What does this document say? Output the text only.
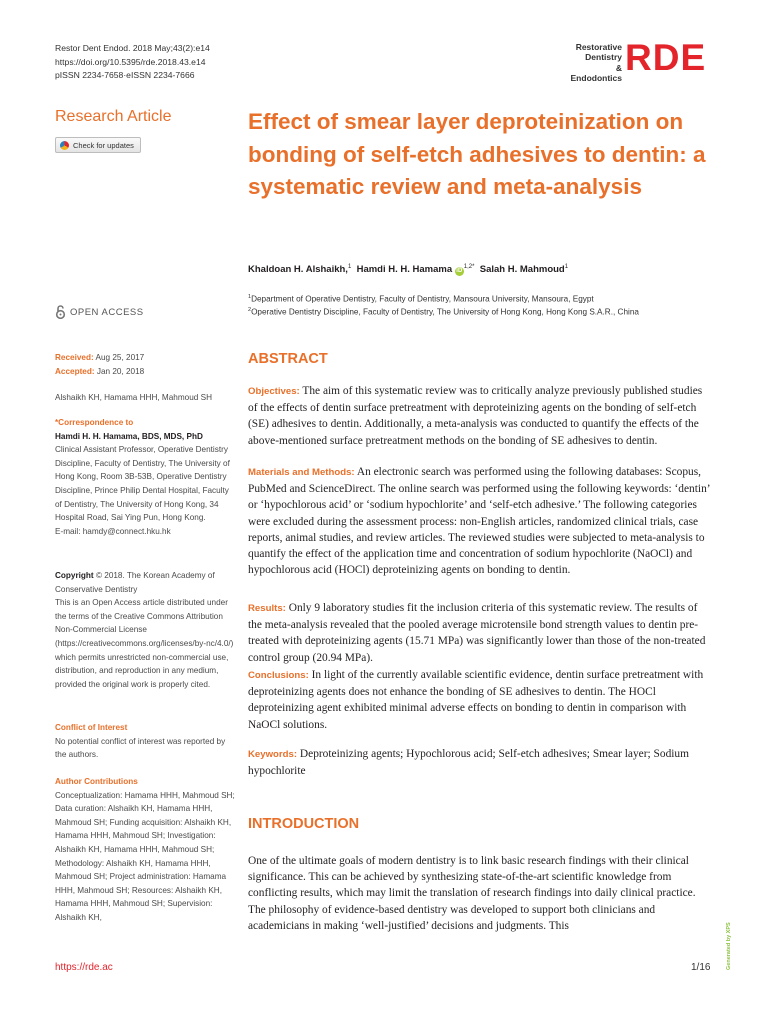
Restor Dent Endod. 2018 May;43(2):e14
https://doi.org/10.5395/rde.2018.43.e14
pISSN 2234-7658·eISSN 2234-7666
Restorative
Dentistry
& Endodontics RDE
Research Article
Check for updates
OPEN ACCESS
Received: Aug 25, 2017
Accepted: Jan 20, 2018
Alshaikh KH, Hamama HHH, Mahmoud SH
*Correspondence to
Hamdi H. H. Hamama, BDS, MDS, PhD
Clinical Assistant Professor, Operative Dentistry Discipline, Faculty of Dentistry, The University of Hong Kong, Room 3B-53B, Operative Dentistry Discipline, Prince Philip Dental Hospital, Faculty of Dentistry, The University of Hong Kong, 34 Hospital Road, Sai Ying Pun, Hong Kong.
E-mail: hamdy@connect.hku.hk
Copyright © 2018. The Korean Academy of Conservative Dentistry
This is an Open Access article distributed under the terms of the Creative Commons Attribution Non-Commercial License (https://creativecommons.org/licenses/by-nc/4.0/) which permits unrestricted non-commercial use, distribution, and reproduction in any medium, provided the original work is properly cited.
Conflict of Interest
No potential conflict of interest was reported by the authors.
Author Contributions
Conceptualization: Hamama HHH, Mahmoud SH; Data curation: Alshaikh KH, Hamama HHH, Mahmoud SH; Funding acquisition: Alshaikh KH, Hamama HHH, Mahmoud SH; Investigation: Alshaikh KH, Hamama HHH, Mahmoud SH; Methodology: Alshaikh KH, Hamama HHH, Mahmoud SH; Project administration: Hamama HHH, Mahmoud SH; Resources: Alshaikh KH, Hamama HHH, Mahmoud SH; Supervision: Alshaikh KH,
Effect of smear layer deproteinization on bonding of self-etch adhesives to dentin: a systematic review and meta-analysis
Khaldoan H. Alshaikh,$^1$ Hamdi H. H. Hamama $iD^{1,2*}$ Salah H. Mahmoud$^1$
$^1$Department of Operative Dentistry, Faculty of Dentistry, Mansoura University, Mansoura, Egypt
$^2$Operative Dentistry Discipline, Faculty of Dentistry, The University of Hong Kong, Hong Kong S.A.R., China
ABSTRACT

Objectives: The aim of this systematic review was to critically analyze previously published studies of the effects of dentin surface pretreatment with deproteinizing agents on the bonding of self-etch (SE) adhesives to dentin. Additionally, a meta-analysis was conducted to quantify the effects of the above-mentioned surface pretreatment methods on the bonding of SE adhesives to dentin.

Materials and Methods: An electronic search was performed using the following databases: Scopus, PubMed and ScienceDirect. The online search was performed using the following keywords: ‘dentin’ or ‘hypochlorous acid’ or ‘sodium hypochlorite’ and ‘self-etch adhesive.’ The following categories were excluded during the assessment process: non-English articles, randomized clinical trials, case reports, animal studies, and review articles. The reviewed studies were subjected to meta-analysis to quantify the effect of the application time and concentration of sodium hypochlorite (NaOCl) and hypochlorous acid (HOCl) deproteinizing agents on bonding to dentin.

Results: Only 9 laboratory studies fit the inclusion criteria of this systematic review. The results of the meta-analysis revealed that the pooled average microtensile bond strength values to dentin pre-treated with deproteinizing agents (15.71 MPa) was significantly lower than those of the non-treated control group (20.94 MPa).

Conclusions: In light of the currently available scientific evidence, dentin surface pretreatment with deproteinizing agents does not enhance the bonding of SE adhesives to dentin. The HOCl deproteinizing agent exhibited minimal adverse effects on bonding to dentin in comparison with NaOCl solutions.

Keywords: Deproteinizing agents; Hypochlorous acid; Self-etch adhesives; Smear layer; Sodium hypochlorite

INTRODUCTION

One of the ultimate goals of modern dentistry is to link basic research findings with their clinical significance. This can be achieved by synthesizing state-of-the-art scientific knowledge from conflicting results, which may limit the translation of research findings into daily clinical practice. The philosophy of evidence-based dentistry was developed to support both clinicians and academicians in making ‘well-justified’ decisions and judgments. This

https://rde.ac	1/16	Generated by XPS
